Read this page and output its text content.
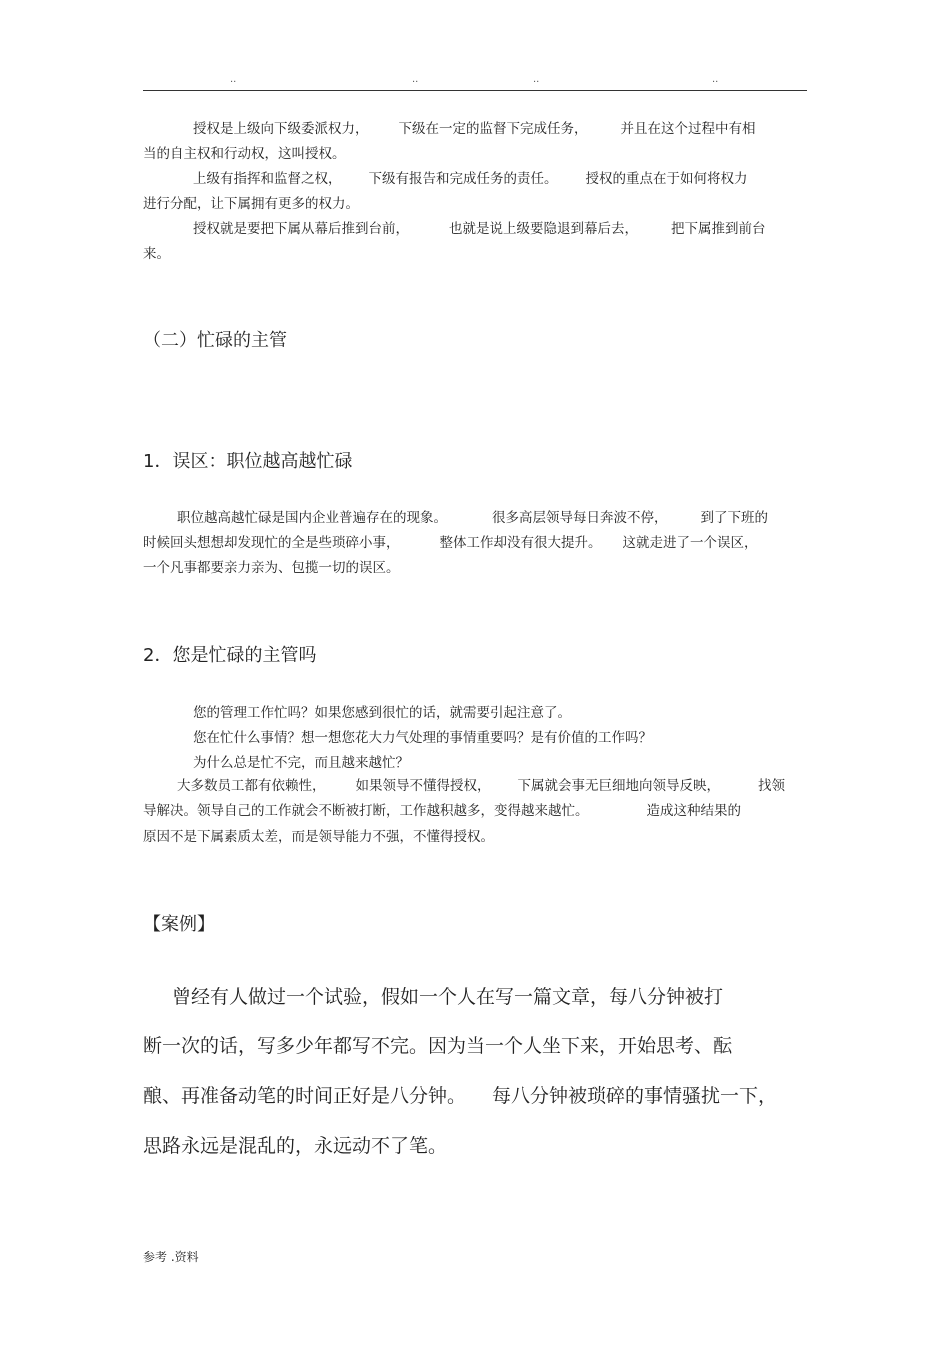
..	..	..	..
授权是上级向下级委派权力， 下级在一定的监督下完成任务， 并且在这个过程中有相
当的自主权和行动权，这叫授权。
上级有指挥和监督之权， 下级有报告和完成任务的责任。 授权的重点在于如何将权力
进行分配，让下属拥有更多的权力。
授权就是要把下属从幕后推到台前，	也就是说上级要隐退到幕后去， 把下属推到前台
来。
（二）忙碌的主管
1．误区：职位越高越忙碌
职位越高越忙碌是国内企业普遍存在的现象。	很多高层领导每日奔波不停， 到了下班的
时候回头想想却发现忙的全是些琐碎小事，	整体工作却没有很大提升。 这就走进了一个误区，
一个凡事都要亲力亲为、包揽一切的误区。
2．您是忙碌的主管吗
您的管理工作忙吗？如果您感到很忙的话，就需要引起注意了。
您在忙什么事情？想一想您花大力气处理的事情重要吗？是有价值的工作吗？
为什么总是忙不完，而且越来越忙？
大多数员工都有依赖性， 如果领导不懂得授权， 下属就会事无巨细地向领导反映，	找领
导解决。领导自己的工作就会不断被打断，工作越积越多，变得越来越忙。	造成这种结果的
原因不是下属素质太差，而是领导能力不强，不懂得授权。
【案例】
曾经有人做过一个试验，假如一个人在写一篇文章，每八分钟被打
断一次的话，写多少年都写不完。因为当一个人坐下来，开始思考、酝
酿、再准备动笔的时间正好是八分钟。 每八分钟被琐碎的事情骚扰一下，
思路永远是混乱的，永远动不了笔。
参考 .资料
